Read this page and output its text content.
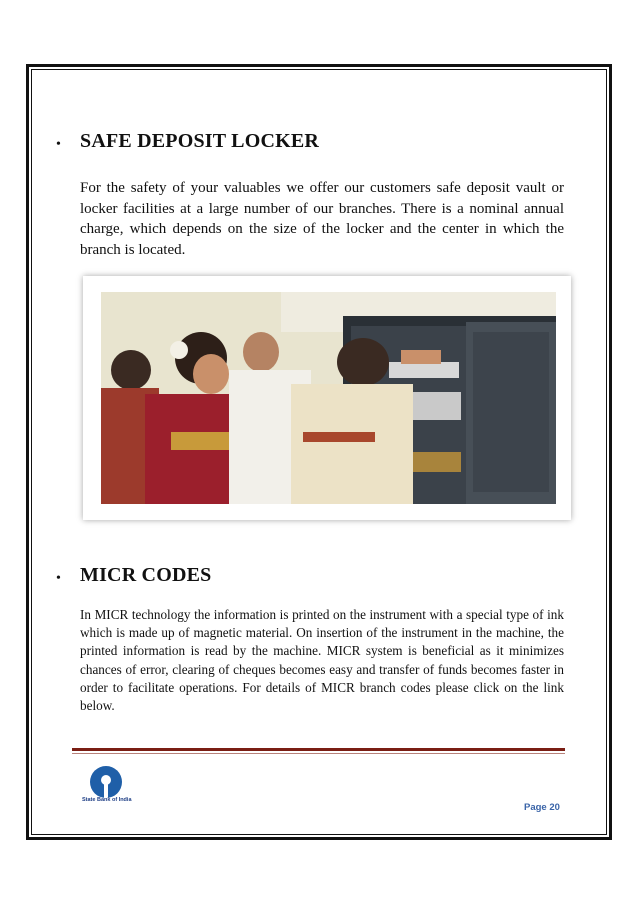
• SAFE DEPOSIT LOCKER
For the safety of your valuables we offer our customers safe deposit vault or locker facilities at a large number of our branches. There is a nominal annual charge, which depends on the size of the locker and the center in which the branch is located.
• MICR CODES
In MICR technology the information is printed on the instrument with a special type of ink which is made up of magnetic material. On insertion of the instrument in the machine, the printed information is read by the machine. MICR system is beneficial as it minimizes chances of error, clearing of cheques becomes easy and transfer of funds becomes faster in order to facilitate operations. For details of MICR branch codes please click on the link below.
State Bank of India
Page 20
